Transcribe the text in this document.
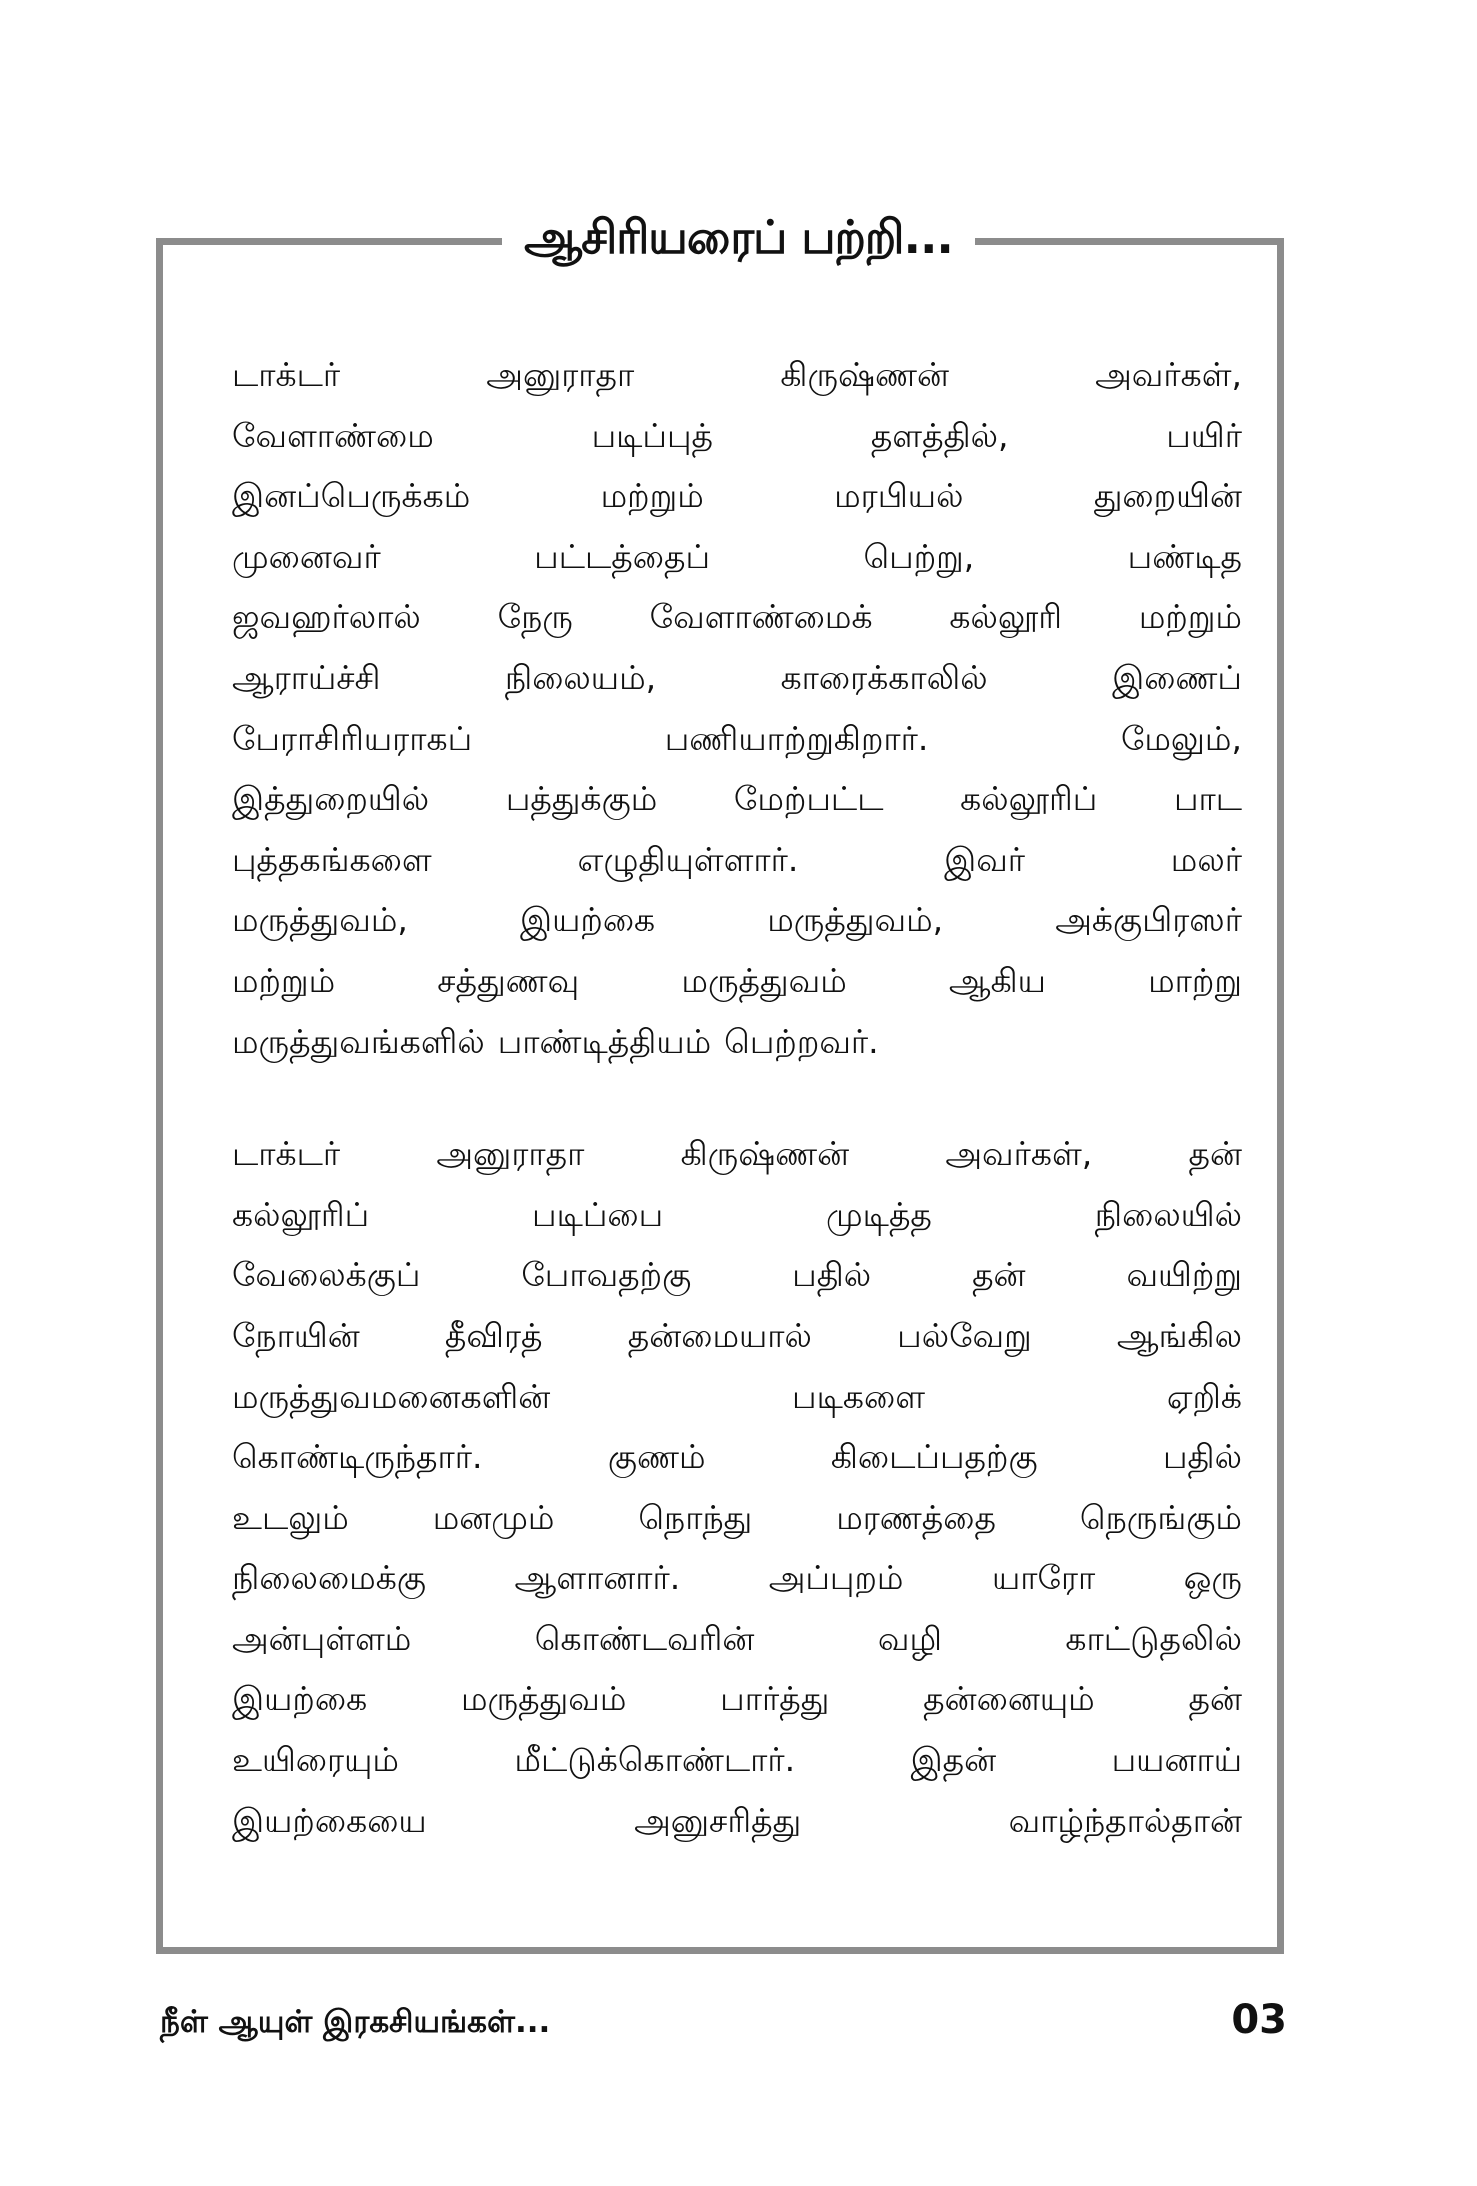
ஆசிரியரைப் பற்றி...
டாக்டர்	அனுராதா	கிருஷ்ணன்	அவர்கள்,
வேளாண்மை	படிப்புத்	தளத்தில்,	பயிர்
இனப்பெருக்கம்	மற்றும்	மரபியல்	துறையின்
முனைவர்	பட்டத்தைப்	பெற்று,	பண்டித
ஜவஹர்லால் நேரு வேளாண்மைக் கல்லூரி மற்றும்
ஆராய்ச்சி	நிலையம்,	காரைக்காலில்	இணைப்
பேராசிரியராகப்	பணியாற்றுகிறார்.	மேலும்,
இத்துறையில் பத்துக்கும் மேற்பட்ட கல்லூரிப் பாட
புத்தகங்களை	எழுதியுள்ளார்.	இவர்	மலர்
மருத்துவம்,	இயற்கை	மருத்துவம்,	அக்குபிரஸர்
மற்றும்	சத்துணவு	மருத்துவம்	ஆகிய	மாற்று
மருத்துவங்களில் பாண்டித்தியம் பெற்றவர்.
டாக்டர்	அனுராதா	கிருஷ்ணன்	அவர்கள்,	தன்
கல்லூரிப்	படிப்பை	முடித்த	நிலையில்
வேலைக்குப்	போவதற்கு	பதில்	தன்	வயிற்று
நோயின்	தீவிரத்	தன்மையால்	பல்வேறு	ஆங்கில
மருத்துவமனைகளின்	படிகளை	ஏறிக்
கொண்டிருந்தார்.	குணம்	கிடைப்பதற்கு	பதில்
உடலும்	மனமும்	நொந்து	மரணத்தை	நெருங்கும்
நிலைமைக்கு	ஆளானார்.	அப்புறம்	யாரோ	ஒரு
அன்புள்ளம்	கொண்டவரின்	வழி	காட்டுதலில்
இயற்கை	மருத்துவம்	பார்த்து	தன்னையும்	தன்
உயிரையும்	மீட்டுக்கொண்டார்.	இதன்	பயனாய்
இயற்கையை	அனுசரித்து	வாழ்ந்தால்தான்
நீள் ஆயுள் இரகசியங்கள்...	03
